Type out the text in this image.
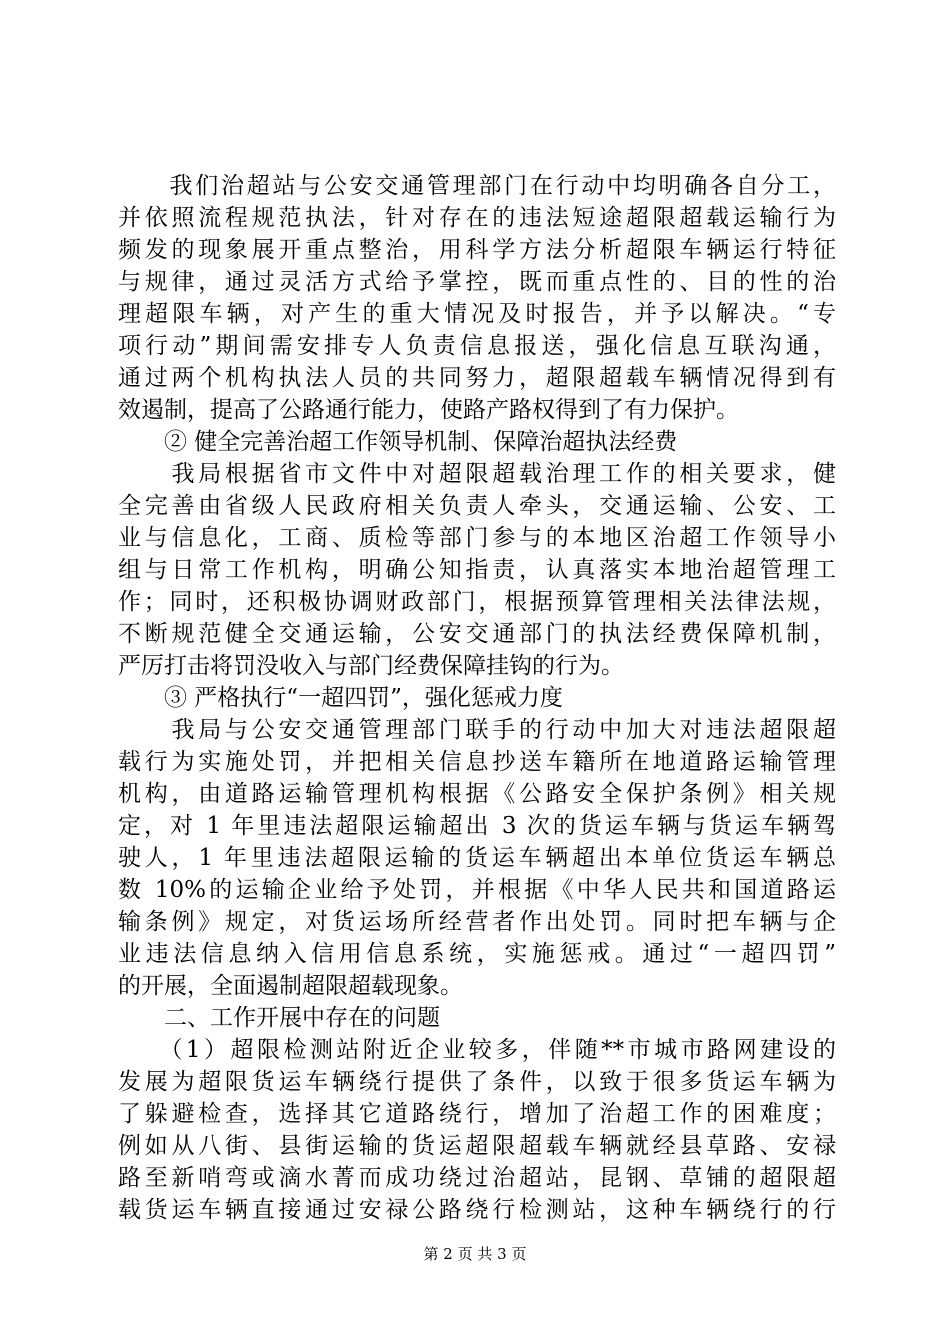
　　我们治超站与公安交通管理部门在行动中均明确各自分工，
并依照流程规范执法，针对存在的违法短途超限超载运输行为
频发的现象展开重点整治，用科学方法分析超限车辆运行特征
与规律，通过灵活方式给予掌控，既而重点性的、目的性的治
理超限车辆，对产生的重大情况及时报告，并予以解决。“专
项行动”期间需安排专人负责信息报送，强化信息互联沟通，
通过两个机构执法人员的共同努力，超限超载车辆情况得到有
效遏制，提高了公路通行能力，使路产路权得到了有力保护。
　　② 健全完善治超工作领导机制、保障治超执法经费
　　我局根据省市文件中对超限超载治理工作的相关要求，健
全完善由省级人民政府相关负责人牵头，交通运输、公安、工
业与信息化，工商、质检等部门参与的本地区治超工作领导小
组与日常工作机构，明确公知指责，认真落实本地治超管理工
作；同时，还积极协调财政部门，根据预算管理相关法律法规，
不断规范健全交通运输，公安交通部门的执法经费保障机制，
严厉打击将罚没收入与部门经费保障挂钩的行为。
　　③ 严格执行“一超四罚”，强化惩戒力度
　　我局与公安交通管理部门联手的行动中加大对违法超限超
载行为实施处罚，并把相关信息抄送车籍所在地道路运输管理
机构，由道路运输管理机构根据《公路安全保护条例》相关规
定，对 1 年里违法超限运输超出 3 次的货运车辆与货运车辆驾
驶人，1 年里违法超限运输的货运车辆超出本单位货运车辆总
数 10%的运输企业给予处罚，并根据《中华人民共和国道路运
输条例》规定，对货运场所经营者作出处罚。同时把车辆与企
业违法信息纳入信用信息系统，实施惩戒。通过“一超四罚”
的开展，全面遏制超限超载现象。
　　二、工作开展中存在的问题
　　（1）超限检测站附近企业较多，伴随**市城市路网建设的
发展为超限货运车辆绕行提供了条件，以致于很多货运车辆为
了躲避检查，选择其它道路绕行，增加了治超工作的困难度；
例如从八街、县街运输的货运超限超载车辆就经县草路、安禄
路至新哨弯或滴水菁而成功绕过治超站，昆钢、草铺的超限超
载货运车辆直接通过安禄公路绕行检测站，这种车辆绕行的行
第 2 页 共 3 页
